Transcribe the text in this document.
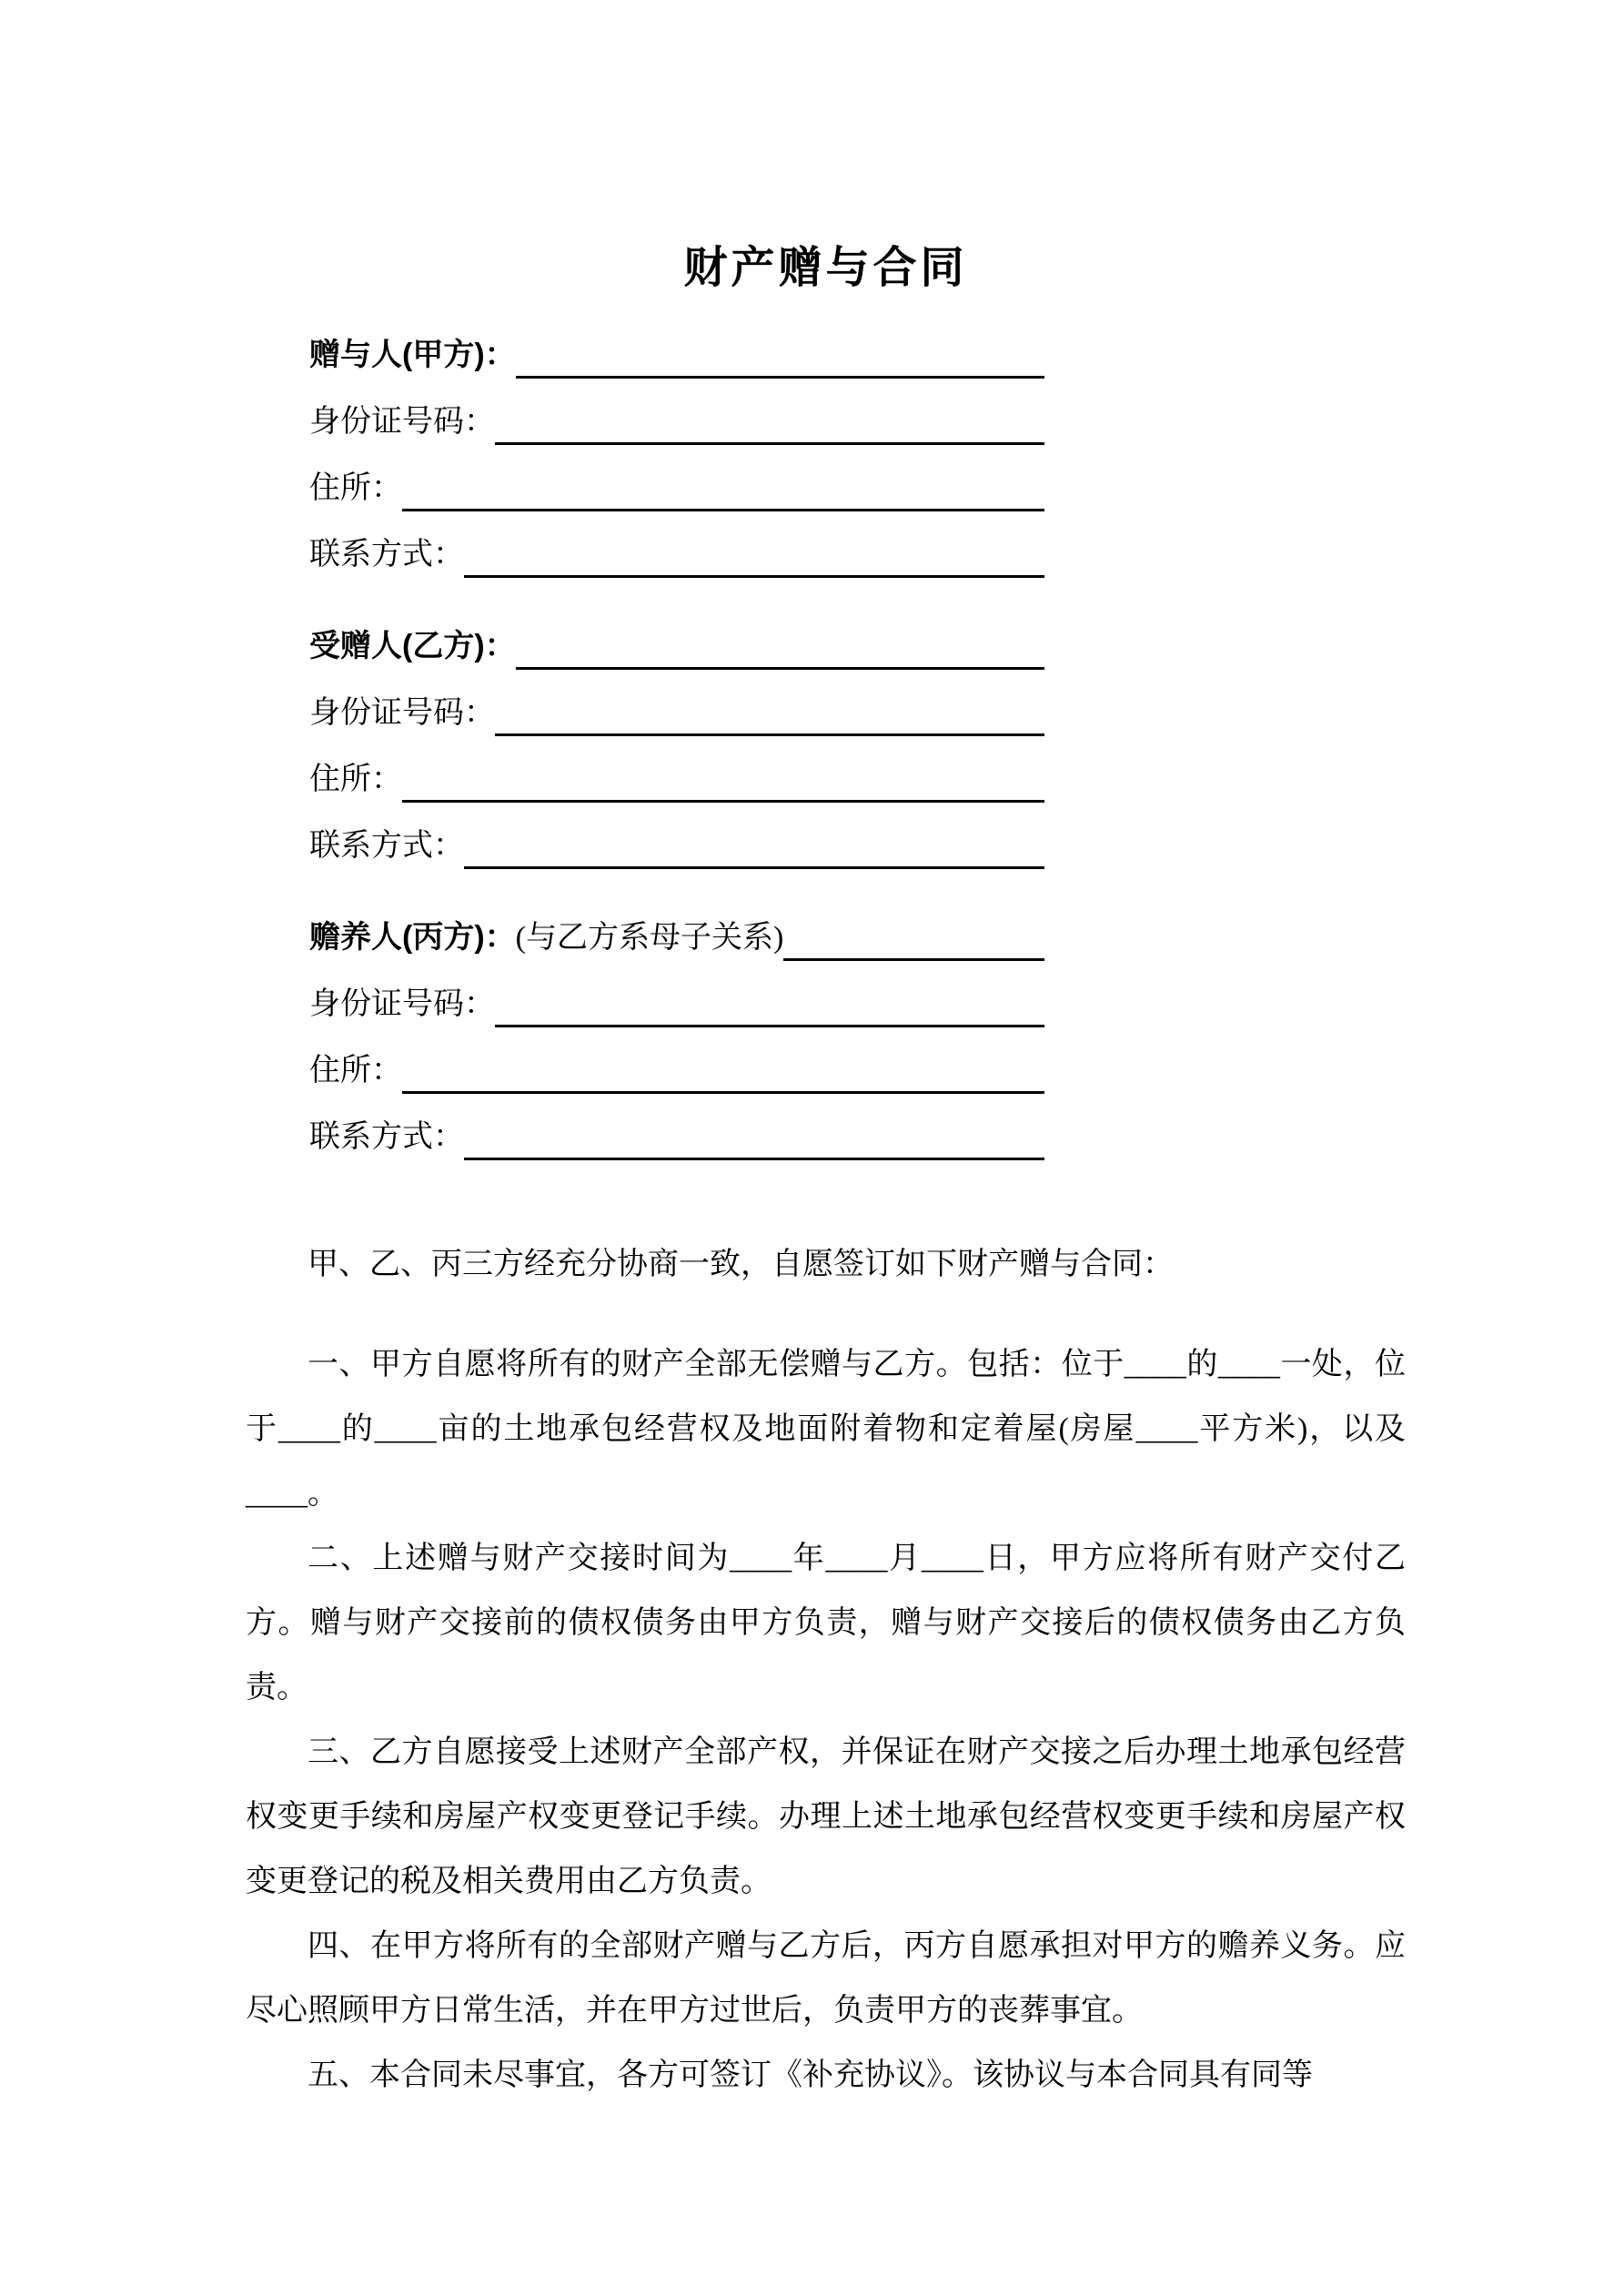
财产赠与合同
赠与人(甲方)：
身份证号码：
住所：
联系方式：
受赠人(乙方)：
身份证号码：
住所：
联系方式：
赡养人(丙方)： (与乙方系母子关系)
身份证号码：
住所：
联系方式：

甲、乙、丙三方经充分协商一致，自愿签订如下财产赠与合同：

一、甲方自愿将所有的财产全部无偿赠与乙方。包括：位于____的____一处，位于____的____亩的土地承包经营权及地面附着物和定着屋(房屋____平方米)，以及____。

二、上述赠与财产交接时间为____年____月____日，甲方应将所有财产交付乙方。赠与财产交接前的债权债务由甲方负责，赠与财产交接后的债权债务由乙方负责。

三、乙方自愿接受上述财产全部产权，并保证在财产交接之后办理土地承包经营权变更手续和房屋产权变更登记手续。办理上述土地承包经营权变更手续和房屋产权变更登记的税及相关费用由乙方负责。

四、在甲方将所有的全部财产赠与乙方后，丙方自愿承担对甲方的赡养义务。应尽心照顾甲方日常生活，并在甲方过世后，负责甲方的丧葬事宜。

五、本合同未尽事宜，各方可签订《补充协议》。该协议与本合同具有同等
